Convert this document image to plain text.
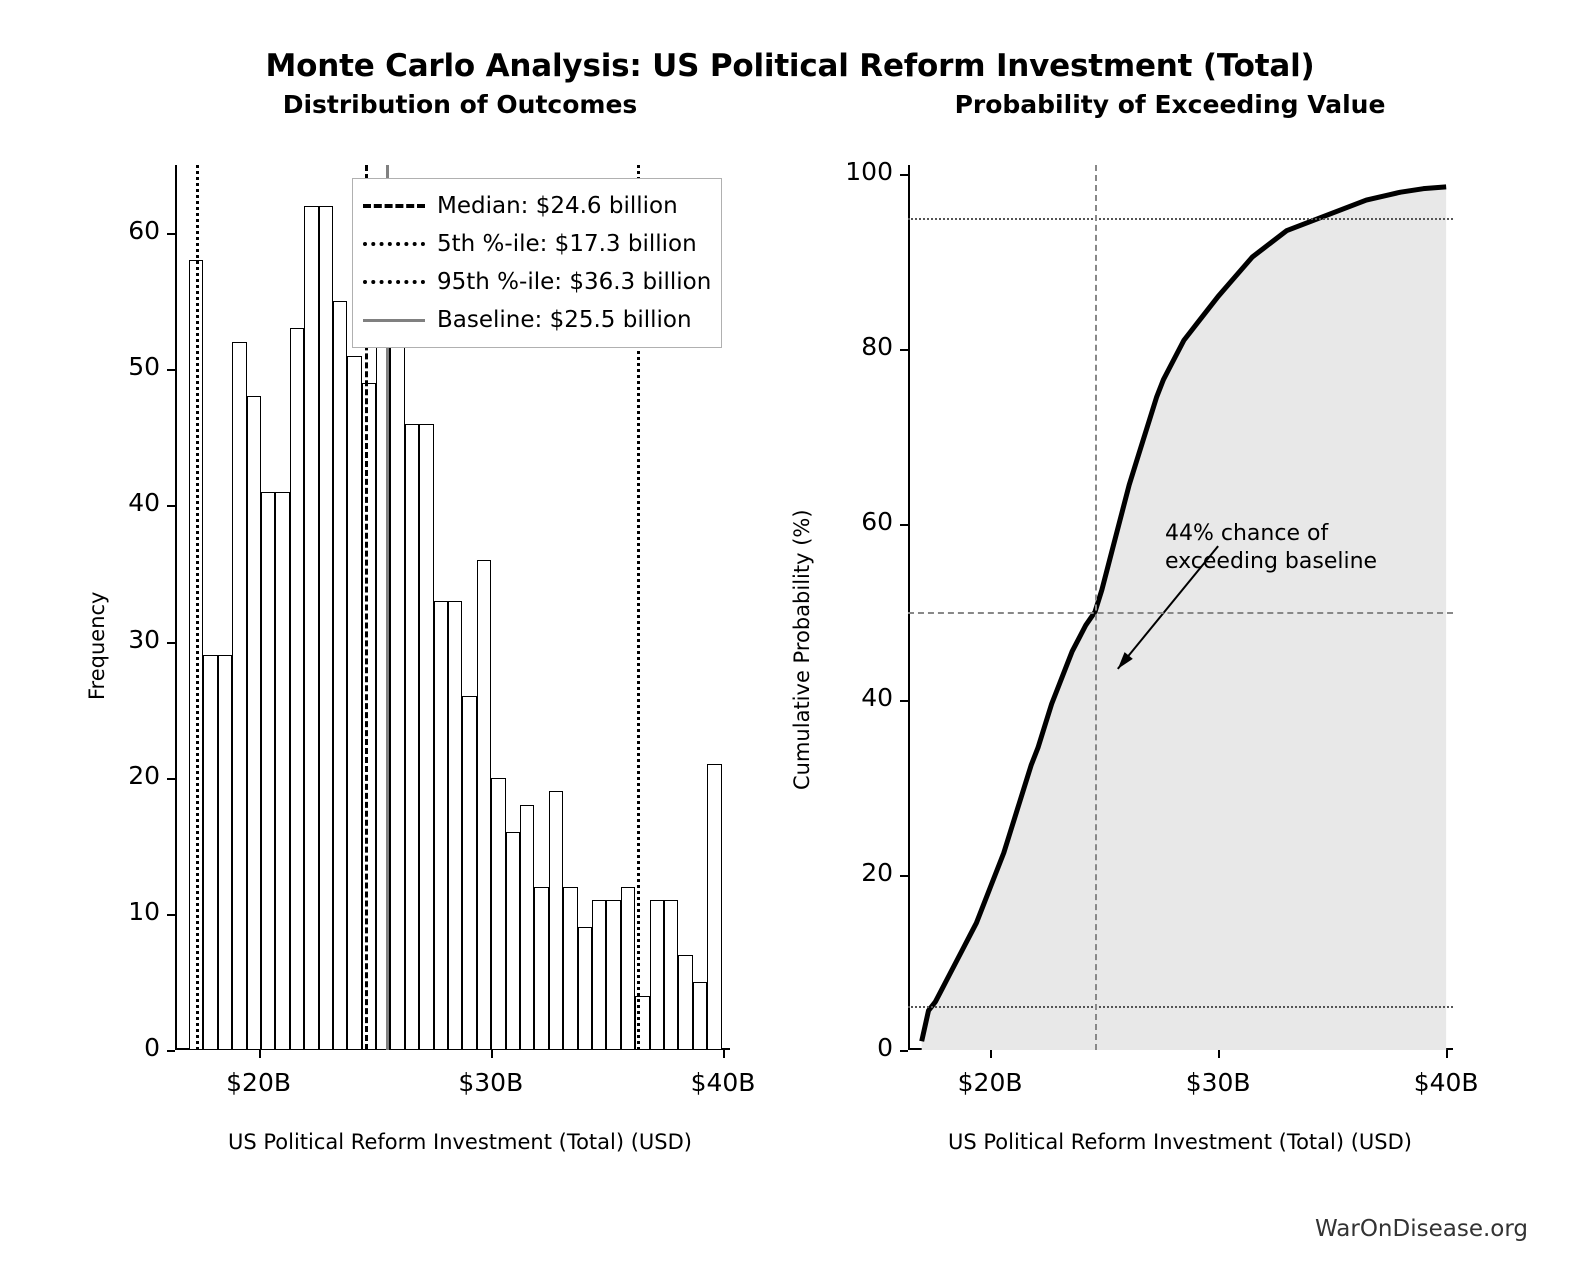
Monte Carlo Analysis: US Political Reform Investment (Total)
Distribution of Outcomes
$20B	$30B	$40B
0
10
20
30
40
50
60
US Political Reform Investment (Total) (USD)
Frequency
Median: $24.6 billion
5th %-ile: $17.3 billion
95th %-ile: $36.3 billion
Baseline: $25.5 billion
Probability of Exceeding Value
$20B	$30B	$40B
0
20
40
60
80
100
US Political Reform Investment (Total) (USD)
Cumulative Probability (%)	44% chance of
exceeding baseline
WarOnDisease.org
